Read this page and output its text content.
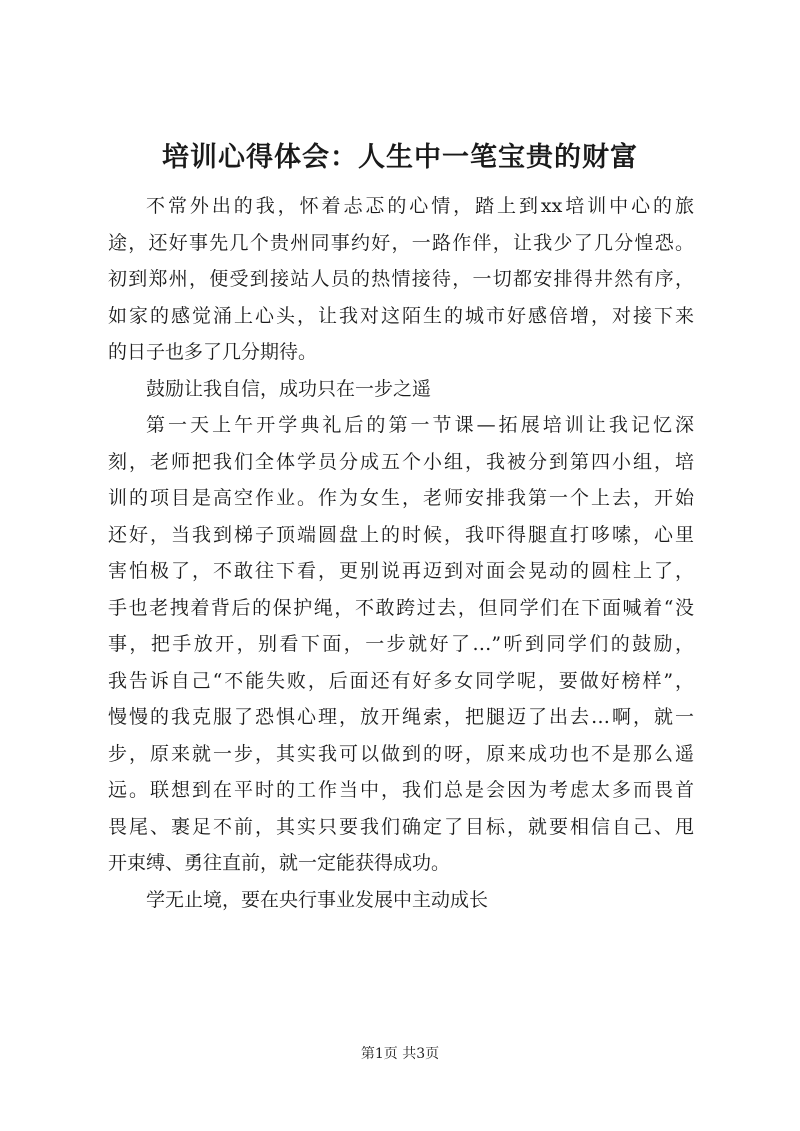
培训心得体会：人生中一笔宝贵的财富
不常外出的我，怀着忐忑的心情，踏上到xx培训中心的旅
途，还好事先几个贵州同事约好，一路作伴，让我少了几分惶恐。
初到郑州，便受到接站人员的热情接待，一切都安排得井然有序，
如家的感觉涌上心头，让我对这陌生的城市好感倍增，对接下来
的日子也多了几分期待。
鼓励让我自信，成功只在一步之遥
第一天上午开学典礼后的第一节课—拓展培训让我记忆深
刻，老师把我们全体学员分成五个小组，我被分到第四小组，培
训的项目是高空作业。作为女生，老师安排我第一个上去，开始
还好，当我到梯子顶端圆盘上的时候，我吓得腿直打哆嗦，心里
害怕极了，不敢往下看，更别说再迈到对面会晃动的圆柱上了，
手也老拽着背后的保护绳，不敢跨过去，但同学们在下面喊着“没
事，把手放开，别看下面，一步就好了…”听到同学们的鼓励，
我告诉自己“不能失败，后面还有好多女同学呢，要做好榜样”，
慢慢的我克服了恐惧心理，放开绳索，把腿迈了出去…啊，就一
步，原来就一步，其实我可以做到的呀，原来成功也不是那么遥
远。联想到在平时的工作当中，我们总是会因为考虑太多而畏首
畏尾、裹足不前，其实只要我们确定了目标，就要相信自己、甩
开束缚、勇往直前，就一定能获得成功。
学无止境，要在央行事业发展中主动成长
第1页 共3页
